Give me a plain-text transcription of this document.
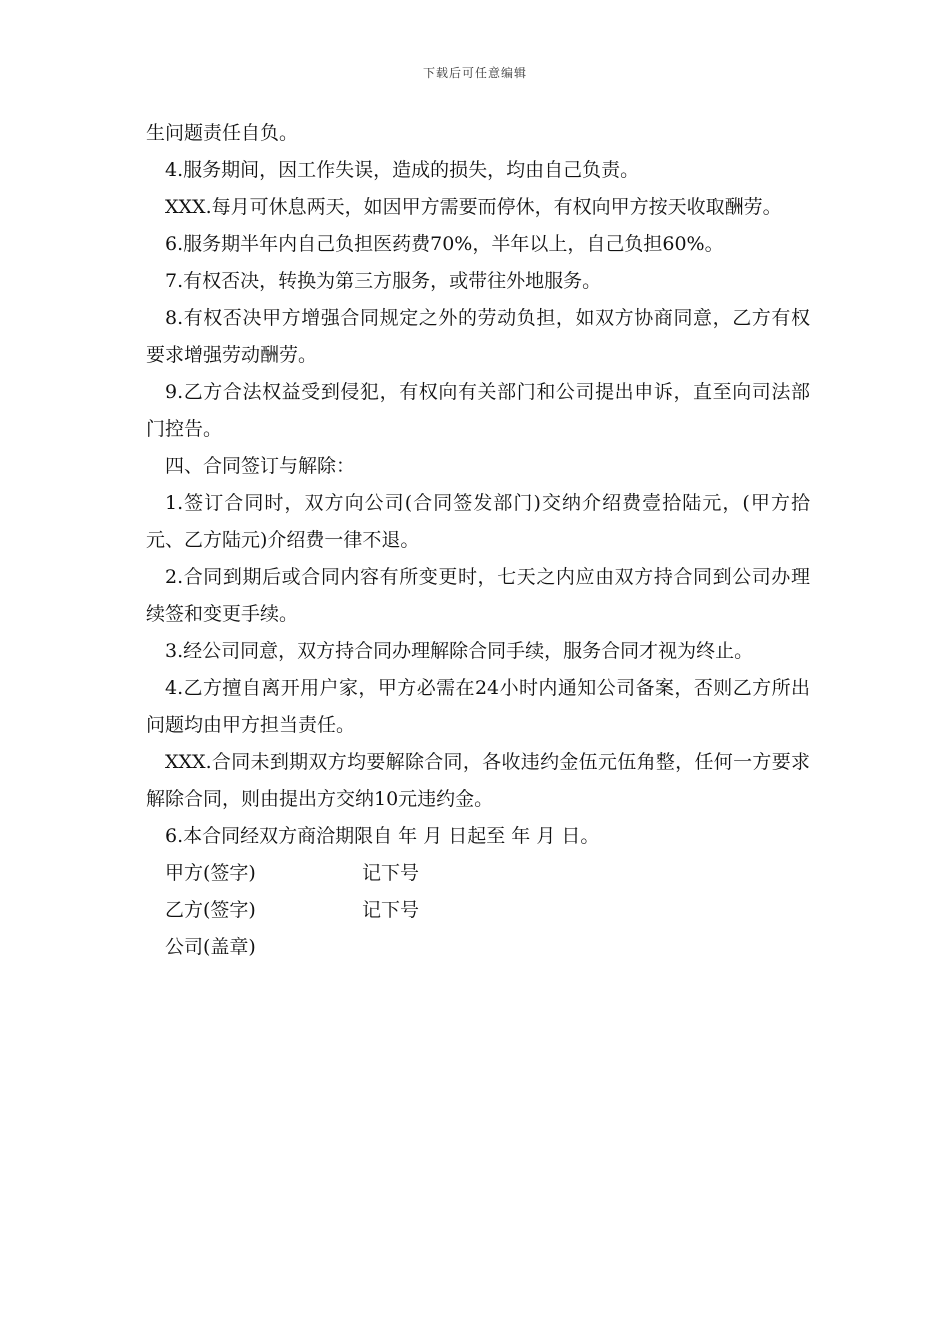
下载后可任意编辑

生问题责任自负。

4.服务期间，因工作失误，造成的损失，均由自己负责。

XXX.每月可休息两天，如因甲方需要而停休，有权向甲方按天收取酬劳。

6.服务期半年内自己负担医药费70%，半年以上，自己负担60%。

7.有权否决，转换为第三方服务，或带往外地服务。

8.有权否决甲方增强合同规定之外的劳动负担，如双方协商同意，乙方有权要求增强劳动酬劳。

9.乙方合法权益受到侵犯，有权向有关部门和公司提出申诉，直至向司法部门控告。

四、合同签订与解除：

1.签订合同时，双方向公司(合同签发部门)交纳介绍费壹拾陆元，(甲方拾元、乙方陆元)介绍费一律不退。

2.合同到期后或合同内容有所变更时，七天之内应由双方持合同到公司办理续签和变更手续。

3.经公司同意，双方持合同办理解除合同手续，服务合同才视为终止。

4.乙方擅自离开用户家，甲方必需在24小时内通知公司备案，否则乙方所出问题均由甲方担当责任。

XXX.合同未到期双方均要解除合同，各收违约金伍元伍角整，任何一方要求解除合同，则由提出方交纳10元违约金。

6.本合同经双方商洽期限自 年 月 日起至 年 月 日。

甲方(签字)	记下号
乙方(签字)	记下号
公司(盖章)
